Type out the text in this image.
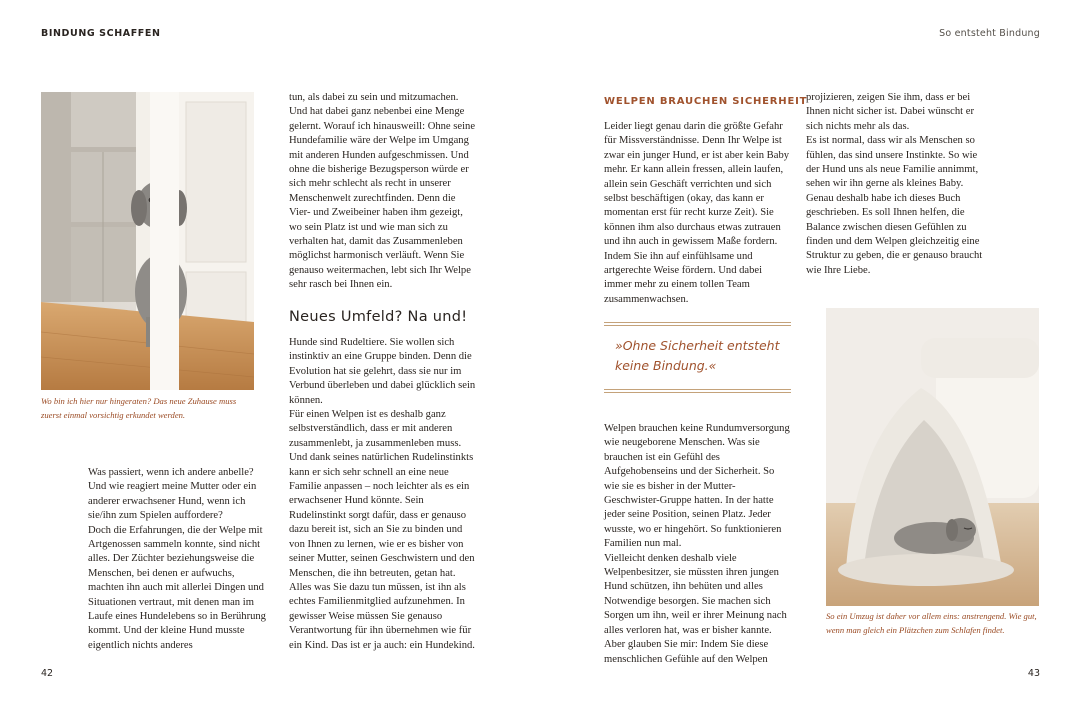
BINDUNG SCHAFFEN	So entsteht Bindung
Wo bin ich hier nur hingeraten? Das neue Zuhause muss zuerst einmal vorsichtig erkundet werden.
Was passiert, wenn ich andere anbelle? Und wie reagiert meine Mutter oder ein anderer erwachsener Hund, wenn ich sie/ihn zum Spielen auffordere?
Doch die Erfahrungen, die der Welpe mit Artgenossen sammeln konnte, sind nicht alles. Der Züchter beziehungsweise die Menschen, bei denen er aufwuchs, machten ihn auch mit allerlei Dingen und Situationen vertraut, mit denen man im Laufe eines Hundelebens so in Berührung kommt. Und der kleine Hund musste eigentlich nichts anderes
tun, als dabei zu sein und mitzumachen. Und hat dabei ganz nebenbei eine Menge gelernt. Worauf ich hinausweill: Ohne seine Hundefamilie wäre der Welpe im Umgang mit anderen Hunden aufgeschmissen. Und ohne die bisherige Bezugsperson würde er sich mehr schlecht als recht in unserer Menschenwelt zurechtfinden. Denn die Vier- und Zweibeiner haben ihm gezeigt, wo sein Platz ist und wie man sich zu verhalten hat, damit das Zusammenleben möglichst harmonisch verläuft. Wenn Sie genauso weitermachen, lebt sich Ihr Welpe sehr rasch bei Ihnen ein.
Neues Umfeld? Na und!
Hunde sind Rudeltiere. Sie wollen sich instinktiv an eine Gruppe binden. Denn die Evolution hat sie gelehrt, dass sie nur im Verbund überleben und dabei glücklich sein können.
Für einen Welpen ist es deshalb ganz selbstverständlich, dass er mit anderen zusammenlebt, ja zusammenleben muss. Und dank seines natürlichen Rudelinstinkts kann er sich sehr schnell an eine neue Familie anpassen – noch leichter als es ein erwachsener Hund könnte. Sein Rudelinstinkt sorgt dafür, dass er genauso dazu bereit ist, sich an Sie zu binden und von Ihnen zu lernen, wie er es bisher von seiner Mutter, seinen Geschwistern und den Menschen, die ihn betreuten, getan hat. Alles was Sie dazu tun müssen, ist ihn als echtes Familienmitglied aufzunehmen. In gewisser Weise müssen Sie genauso Verantwortung für ihn übernehmen wie für ein Kind. Das ist er ja auch: ein Hundekind.
42
WELPEN BRAUCHEN SICHERHEIT
Leider liegt genau darin die größte Gefahr für Missverständnisse. Denn Ihr Welpe ist zwar ein junger Hund, er ist aber kein Baby mehr. Er kann allein fressen, allein laufen, allein sein Geschäft verrichten und sich selbst beschäftigen (okay, das kann er momentan erst für recht kurze Zeit). Sie können ihm also durchaus etwas zutrauen und ihn auch in gewissem Maße fordern. Indem Sie ihn auf einfühlsame und artgerechte Weise fördern. Und dabei immer mehr zu einem tollen Team zusammenwachsen.
»Ohne Sicherheit entsteht keine Bindung.«
Welpen brauchen keine Rundumversorgung wie neugeborene Menschen. Was sie brauchen ist ein Gefühl des Aufgehobenseins und der Sicherheit. So wie sie es bisher in der Mutter-Geschwister-Gruppe hatten. In der hatte jeder seine Position, seinen Platz. Jeder wusste, wo er hingehört. So funktionieren Familien nun mal.
Vielleicht denken deshalb viele Welpenbesitzer, sie müssten ihren jungen Hund schützen, ihn behüten und alles Notwendige besorgen. Sie machen sich Sorgen um ihn, weil er ihrer Meinung nach alles verloren hat, was er bisher kannte. Aber glauben Sie mir: Indem Sie diese menschlichen Gefühle auf den Welpen
projizieren, zeigen Sie ihm, dass er bei Ihnen nicht sicher ist. Dabei wünscht er sich nichts mehr als das.
Es ist normal, dass wir als Menschen so fühlen, das sind unsere Instinkte. So wie der Hund uns als neue Familie annimmt, sehen wir ihn gerne als kleines Baby. Genau deshalb habe ich dieses Buch geschrieben. Es soll Ihnen helfen, die Balance zwischen diesen Gefühlen zu finden und dem Welpen gleichzeitig eine Struktur zu geben, die er genauso braucht wie Ihre Liebe.
So ein Umzug ist daher vor allem eins: anstrengend. Wie gut, wenn man gleich ein Plätzchen zum Schlafen findet.
43
